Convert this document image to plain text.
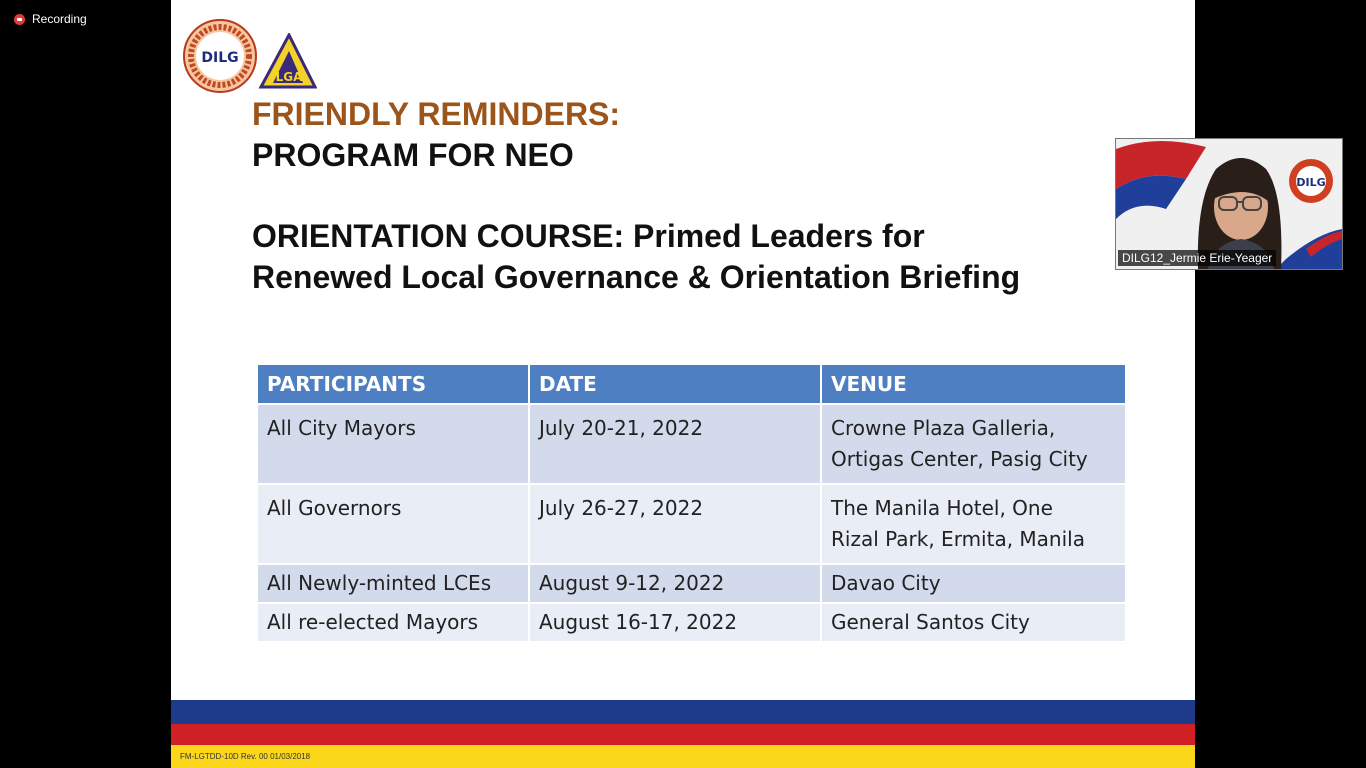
Recording
DILG
LGA
FRIENDLY REMINDERS:
PROGRAM FOR NEO
ORIENTATION COURSE: Primed Leaders for Renewed Local Governance & Orientation Briefing
PARTICIPANTS	DATE	VENUE
All City Mayors	July 20-21, 2022	Crowne Plaza Galleria,
Ortigas Center, Pasig City

All Governors	July 26-27, 2022	The Manila Hotel, One
Rizal Park, Ermita, Manila

All Newly-minted LCEs	August 9-12, 2022	Davao City
All re-elected Mayors	August 16-17, 2022	General Santos City
FM-LGTDD-10D Rev. 00 01/03/2018
DILG
DILG12_Jermie Erie-Yeager
